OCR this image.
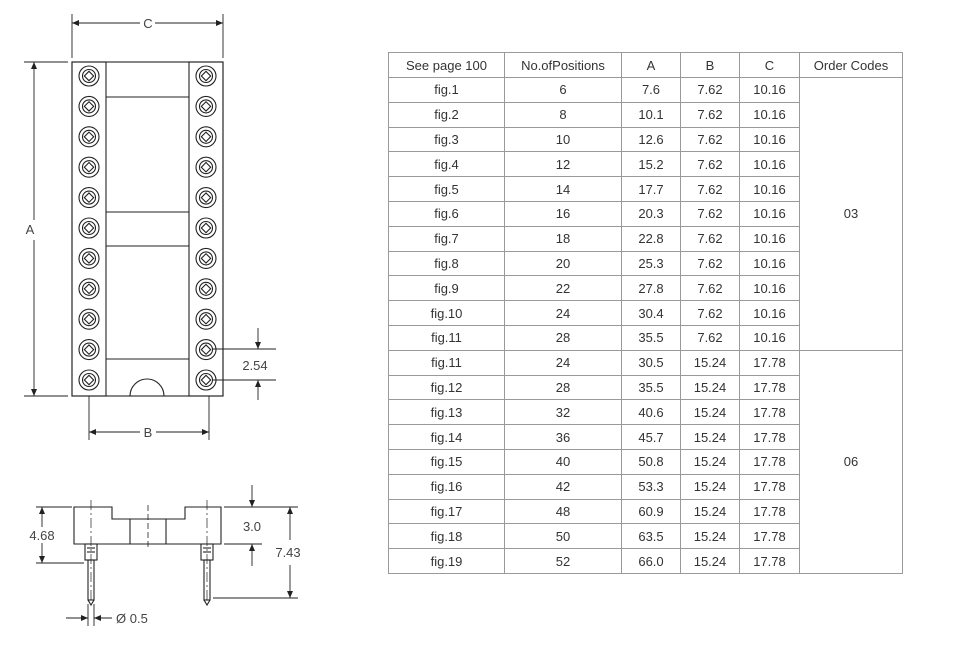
C
A
B
2.54
4.68
3.0
7.43
Ø 0.5
See page 100	No.ofPositions	A	B	C	Order Codes
fig.1	6	7.6	7.62	10.16	03
fig.2	8	10.1	7.62	10.16	
fig.3	10	12.6	7.62	10.16	
fig.4	12	15.2	7.62	10.16	
fig.5	14	17.7	7.62	10.16	
fig.6	16	20.3	7.62	10.16	
fig.7	18	22.8	7.62	10.16	
fig.8	20	25.3	7.62	10.16	
fig.9	22	27.8	7.62	10.16	
fig.10	24	30.4	7.62	10.16	
fig.11	28	35.5	7.62	10.16	
fig.11	24	30.5	15.24	17.78	06
fig.12	28	35.5	15.24	17.78	
fig.13	32	40.6	15.24	17.78	
fig.14	36	45.7	15.24	17.78	
fig.15	40	50.8	15.24	17.78	
fig.16	42	53.3	15.24	17.78	
fig.17	48	60.9	15.24	17.78	
fig.18	50	63.5	15.24	17.78	
fig.19	52	66.0	15.24	17.78	
